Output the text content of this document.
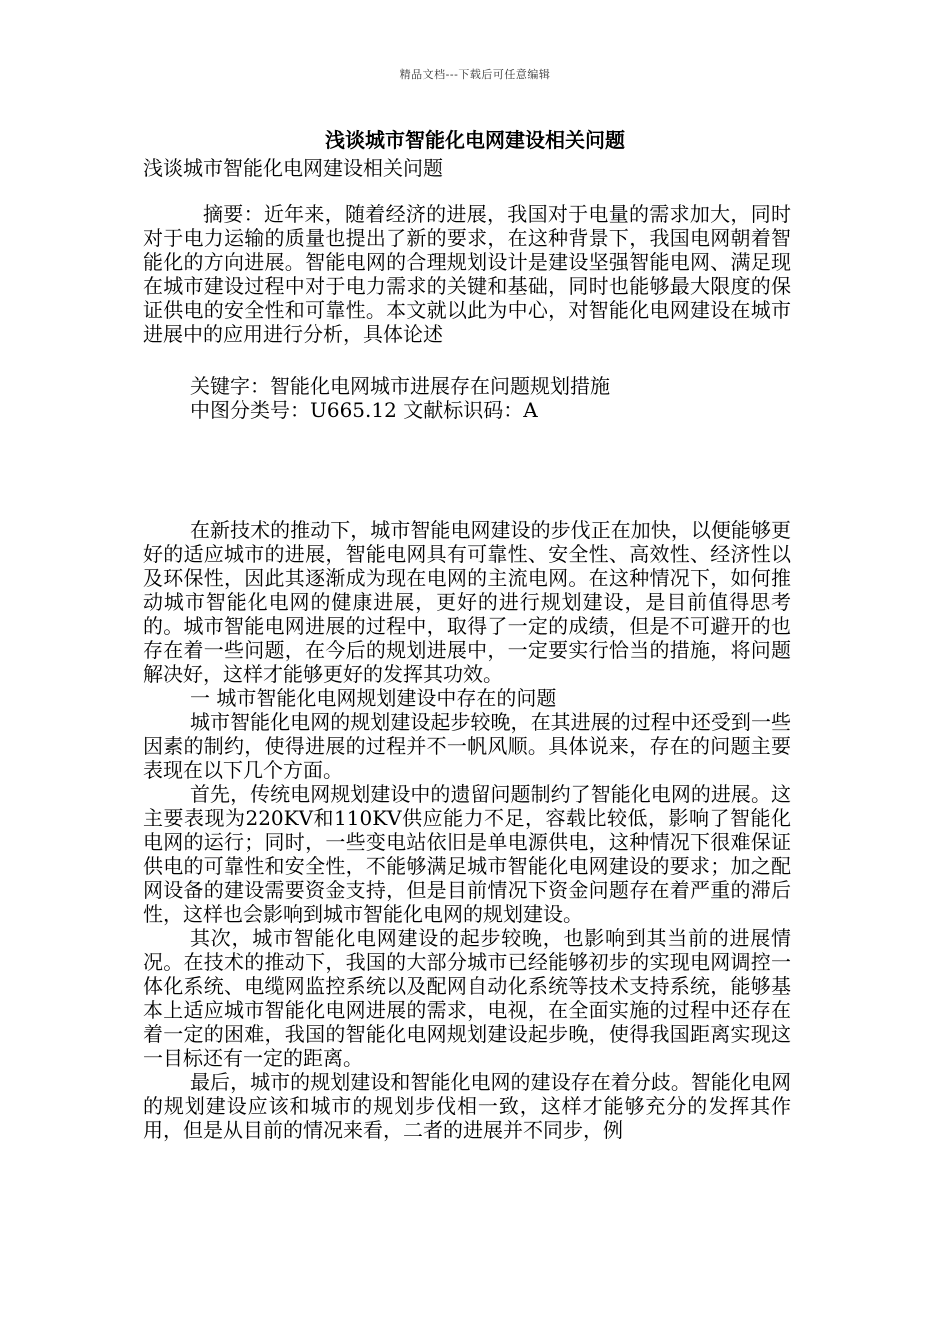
精品文档---下载后可任意编辑
浅谈城市智能化电网建设相关问题
浅谈城市智能化电网建设相关问题

摘要：近年来，随着经济的进展，我国对于电量的需求加大，同时对于电力运输的质量也提出了新的要求，在这种背景下，我国电网朝着智能化的方向进展。智能电网的合理规划设计是建设坚强智能电网、满足现在城市建设过程中对于电力需求的关键和基础，同时也能够最大限度的保证供电的安全性和可靠性。本文就以此为中心，对智能化电网建设在城市进展中的应用进行分析，具体论述

关键字：智能化电网城市进展存在问题规划措施
中图分类号：U665.12 文献标识码：A

在新技术的推动下，城市智能电网建设的步伐正在加快，以便能够更好的适应城市的进展，智能电网具有可靠性、安全性、高效性、经济性以及环保性，因此其逐渐成为现在电网的主流电网。在这种情况下，如何推动城市智能化电网的健康进展，更好的进行规划建设，是目前值得思考的。城市智能电网进展的过程中，取得了一定的成绩，但是不可避开的也存在着一些问题，在今后的规划进展中，一定要实行恰当的措施，将问题解决好，这样才能够更好的发挥其功效。

一 城市智能化电网规划建设中存在的问题

城市智能化电网的规划建设起步较晚，在其进展的过程中还受到一些因素的制约，使得进展的过程并不一帆风顺。具体说来，存在的问题主要表现在以下几个方面。

首先，传统电网规划建设中的遗留问题制约了智能化电网的进展。这主要表现为220KV和110KV供应能力不足，容载比较低，影响了智能化电网的运行；同时，一些变电站依旧是单电源供电，这种情况下很难保证供电的可靠性和安全性，不能够满足城市智能化电网建设的要求；加之配网设备的建设需要资金支持，但是目前情况下资金问题存在着严重的滞后性，这样也会影响到城市智能化电网的规划建设。

其次，城市智能化电网建设的起步较晚，也影响到其当前的进展情况。在技术的推动下，我国的大部分城市已经能够初步的实现电网调控一体化系统、电缆网监控系统以及配网自动化系统等技术支持系统，能够基本上适应城市智能化电网进展的需求，电视，在全面实施的过程中还存在着一定的困难，我国的智能化电网规划建设起步晚，使得我国距离实现这一目标还有一定的距离。

最后，城市的规划建设和智能化电网的建设存在着分歧。智能化电网的规划建设应该和城市的规划步伐相一致，这样才能够充分的发挥其作用，但是从目前的情况来看，二者的进展并不同步，例
